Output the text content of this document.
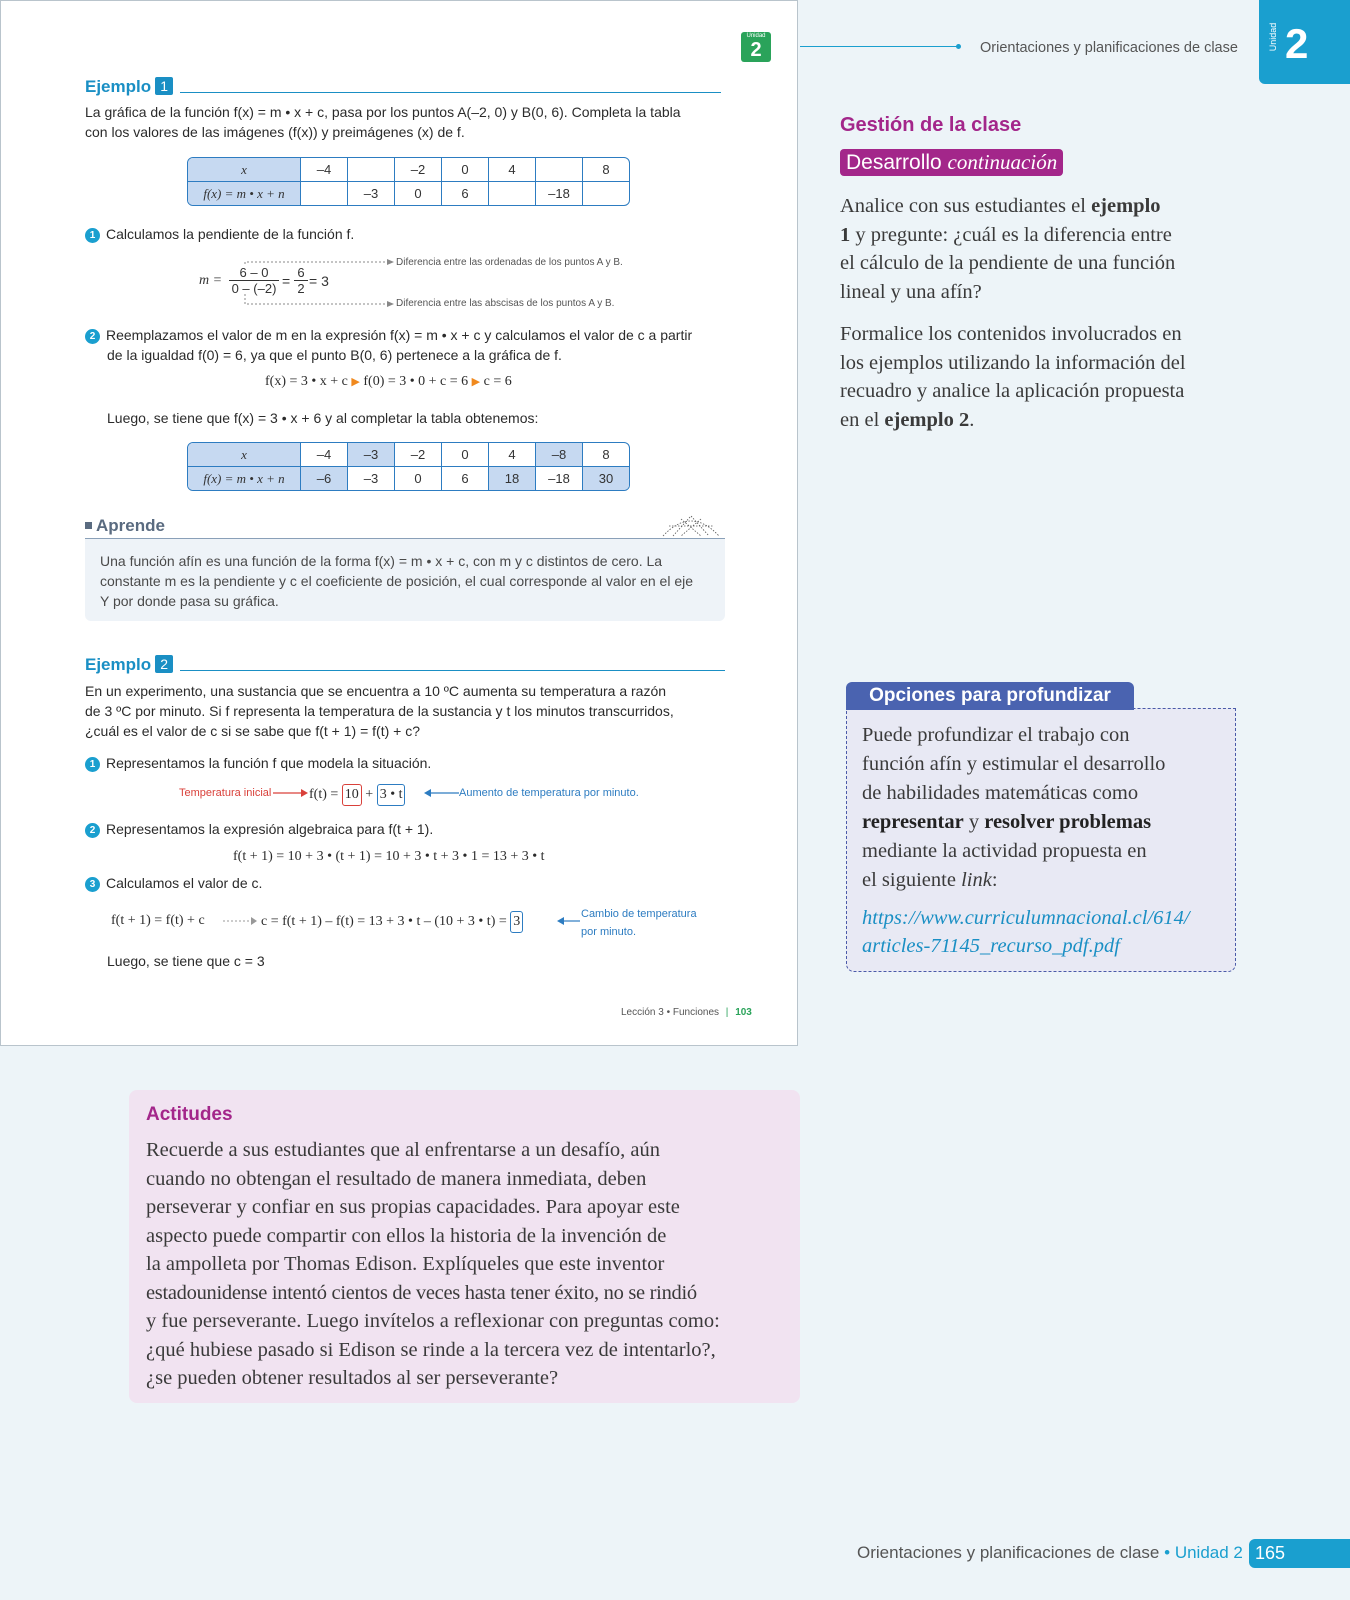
Unidad
2
Ejemplo 1
La gráfica de la función f(x) = m • x + c, pasa por los puntos A(–2, 0) y B(0, 6). Completa la tabla
con los valores de las imágenes (f(x)) y preimágenes (x) de f.
x	–4		–2	0	4		8
f(x) = m • x + n		–3	0	6		–18	
1 Calculamos la pendiente de la función f.
$m = \frac{6 - 0}{0 - (-2)} = \frac{6}{2} = 3$
Diferencia entre las ordenadas de los puntos A y B.
Diferencia entre las abscisas de los puntos A y B.
2 Reemplazamos el valor de m en la expresión f(x) = m • x + c y calculamos el valor de c a partir
de la igualdad f(0) = 6, ya que el punto B(0, 6) pertenece a la gráfica de f.
f(x) = 3 • x + c ▶ f(0) = 3 • 0 + c = 6 ▶ c = 6
Luego, se tiene que f(x) = 3 • x + 6 y al completar la tabla obtenemos:
x	–4	–3	–2	0	4	–8	8
f(x) = m • x + n	–6	–3	0	6	18	–18	30
Aprende
Una función afín es una función de la forma f(x) = m • x + c, con m y c distintos de cero. La
constante m es la pendiente y c el coeficiente de posición, el cual corresponde al valor en el eje
Y por donde pasa su gráfica.
Ejemplo 2
En un experimento, una sustancia que se encuentra a 10 ºC aumenta su temperatura a razón
de 3 ºC por minuto. Si f representa la temperatura de la sustancia y t los minutos transcurridos,
¿cuál es el valor de c si se sabe que f(t + 1) = f(t) + c?
1 Representamos la función f que modela la situación.
Temperatura inicial	f(t) = 10 + 3 • t	Aumento de temperatura por minuto.
2 Representamos la expresión algebraica para f(t + 1).
f(t + 1) = 10 + 3 • (t + 1) = 10 + 3 • t + 3 • 1 = 13 + 3 • t
3 Calculamos el valor de c.
f(t + 1) = f(t) + c	c = f(t + 1) – f(t) = 13 + 3 • t – (10 + 3 • t) = 3	Cambio de temperatura
por minuto.
Luego, se tiene que c = 3
Lección 3 • Funciones | 103
Orientaciones y planificaciones de clase	Unidad 2
Gestión de la clase
Desarrollo continuación
Analice con sus estudiantes el ejemplo
1 y pregunte: ¿cuál es la diferencia entre
el cálculo de la pendiente de una función
lineal y una afín?
Formalice los contenidos involucrados en
los ejemplos utilizando la información del
recuadro y analice la aplicación propuesta
en el ejemplo 2.
Opciones para profundizar
Puede profundizar el trabajo con
función afín y estimular el desarrollo
de habilidades matemáticas como
representar y resolver problemas
mediante la actividad propuesta en
el siguiente link:
https://www.curriculumnacional.cl/614/
articles-71145_recurso_pdf.pdf
Actitudes
Recuerde a sus estudiantes que al enfrentarse a un desafío, aún
cuando no obtengan el resultado de manera inmediata, deben
perseverar y confiar en sus propias capacidades. Para apoyar este
aspecto puede compartir con ellos la historia de la invención de
la ampolleta por Thomas Edison. Explíqueles que este inventor
estadounidense intentó cientos de veces hasta tener éxito, no se rindió
y fue perseverante. Luego invítelos a reflexionar con preguntas como:
¿qué hubiese pasado si Edison se rinde a la tercera vez de intentarlo?,
¿se pueden obtener resultados al ser perseverante?
Orientaciones y planificaciones de clase • Unidad 2 165
